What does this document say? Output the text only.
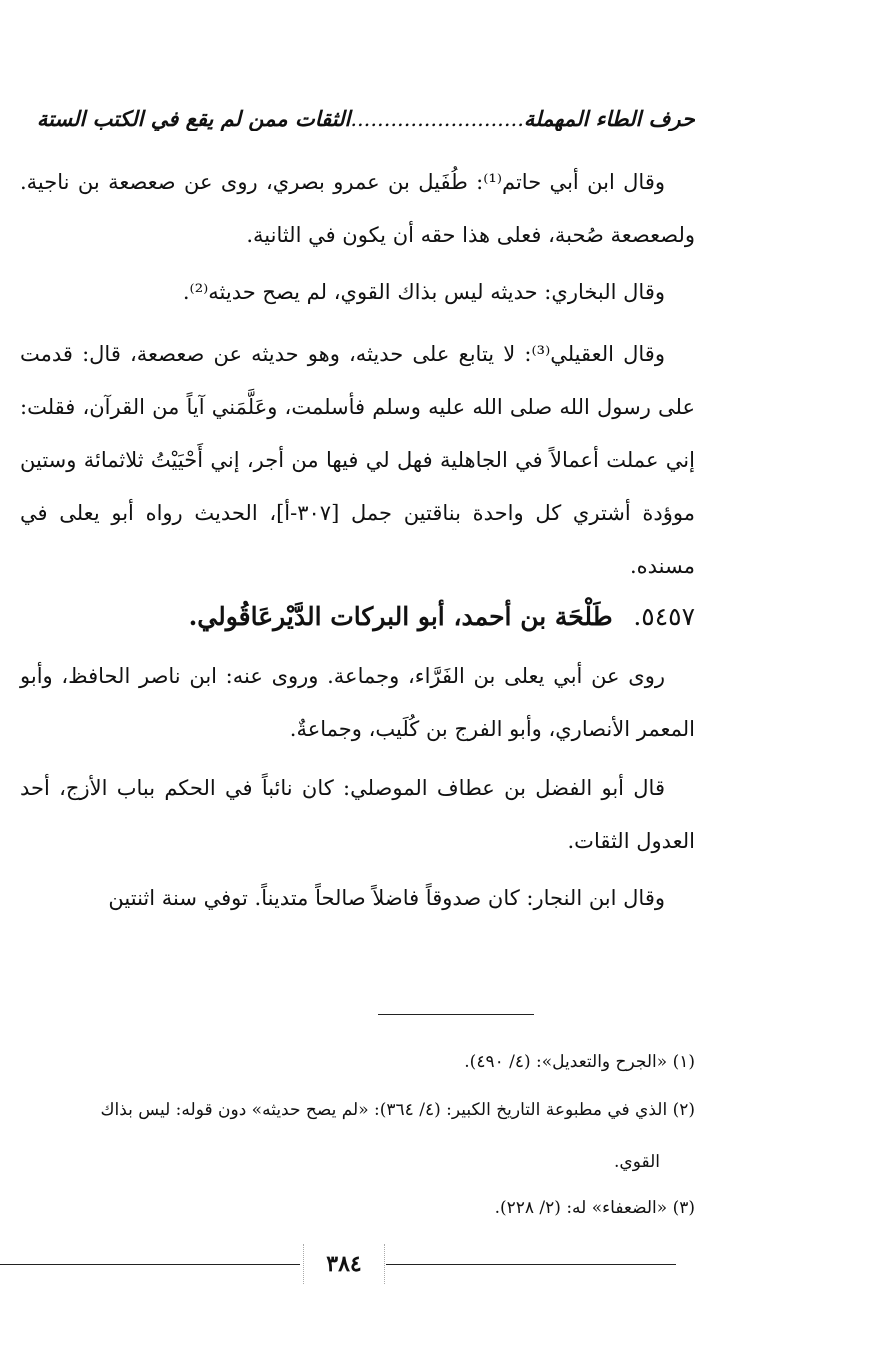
حرف الطاء المهملة..........................الثقات ممن لم يقع في الكتب الستة

وقال ابن أبي حاتم⁽¹⁾: طُفَيل بن عمرو بصري، روى عن صعصعة بن ناجية. ولصعصعة صُحبة، فعلى هذا حقه أن يكون في الثانية.

وقال البخاري: حديثه ليس بذاك القوي، لم يصح حديثه⁽²⁾.

وقال العقيلي⁽³⁾: لا يتابع على حديثه، وهو حديثه عن صعصعة، قال: قدمت على رسول الله صلى الله عليه وسلم فأسلمت، وعَلَّمَني آياً من القرآن، فقلت: إني عملت أعمالاً في الجاهلية فهل لي فيها من أجر، إني أَحْيَيْتُ ثلاثمائة وستين موؤدة أشتري كل واحدة بناقتين جمل [٣٠٧-أ]، الحديث رواه أبو يعلى في مسنده.

٥٤٥٧. طَلْحَة بن أحمد، أبو البركات الدَّيْرعَاقُولي.

روى عن أبي يعلى بن الفَرَّاء، وجماعة. وروى عنه: ابن ناصر الحافظ، وأبو المعمر الأنصاري، وأبو الفرج بن كُلَيب، وجماعةٌ.

قال أبو الفضل بن عطاف الموصلي: كان نائباً في الحكم بباب الأزج، أحد العدول الثقات.

وقال ابن النجار: كان صدوقاً فاضلاً صالحاً متديناً. توفي سنة اثنتين

(١) «الجرح والتعديل»: (٤/ ٤٩٠).
(٢) الذي في مطبوعة التاريخ الكبير: (٤/ ٣٦٤): «لم يصح حديثه» دون قوله: ليس بذاك
القوي.
(٣) «الضعفاء» له: (٢/ ٢٢٨).
٣٨٤
